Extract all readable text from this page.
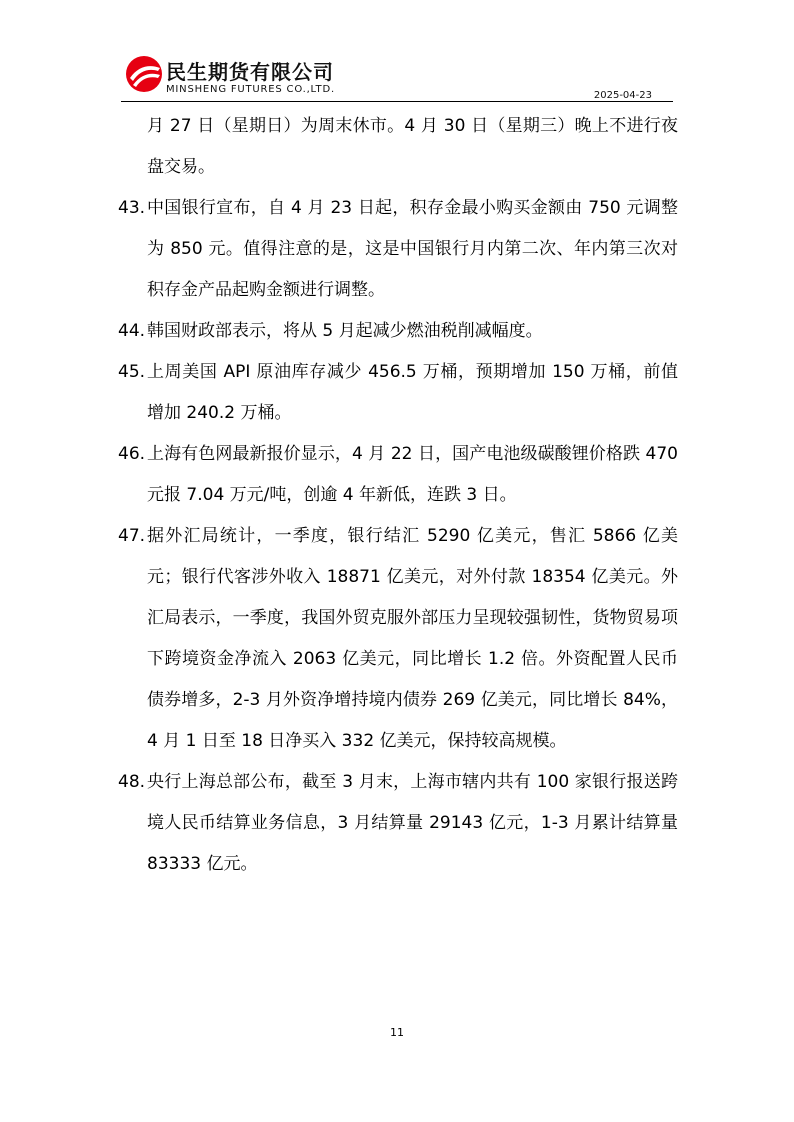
民生期货有限公司
MINSHENG FUTURES CO.,LTD.
2025-04-23
月 27 日（星期日）为周末休市。4 月 30 日（星期三）晚上不进行夜盘交易。
43. 中国银行宣布，自 4 月 23 日起，积存金最小购买金额由 750 元调整为 850 元。值得注意的是，这是中国银行月内第二次、年内第三次对积存金产品起购金额进行调整。
44. 韩国财政部表示，将从 5 月起减少燃油税削减幅度。
45. 上周美国 API 原油库存减少 456.5 万桶，预期增加 150 万桶，前值增加 240.2 万桶。
46. 上海有色网最新报价显示，4 月 22 日，国产电池级碳酸锂价格跌 470 元报 7.04 万元/吨，创逾 4 年新低，连跌 3 日。
47. 据外汇局统计，一季度，银行结汇 5290 亿美元，售汇 5866 亿美元；银行代客涉外收入 18871 亿美元，对外付款 18354 亿美元。外汇局表示，一季度，我国外贸克服外部压力呈现较强韧性，货物贸易项下跨境资金净流入 2063 亿美元，同比增长 1.2 倍。外资配置人民币债券增多，2-3 月外资净增持境内债券 269 亿美元，同比增长 84%，4 月 1 日至 18 日净买入 332 亿美元，保持较高规模。
48. 央行上海总部公布，截至 3 月末，上海市辖内共有 100 家银行报送跨境人民币结算业务信息，3 月结算量 29143 亿元，1-3 月累计结算量 83333 亿元。
11
